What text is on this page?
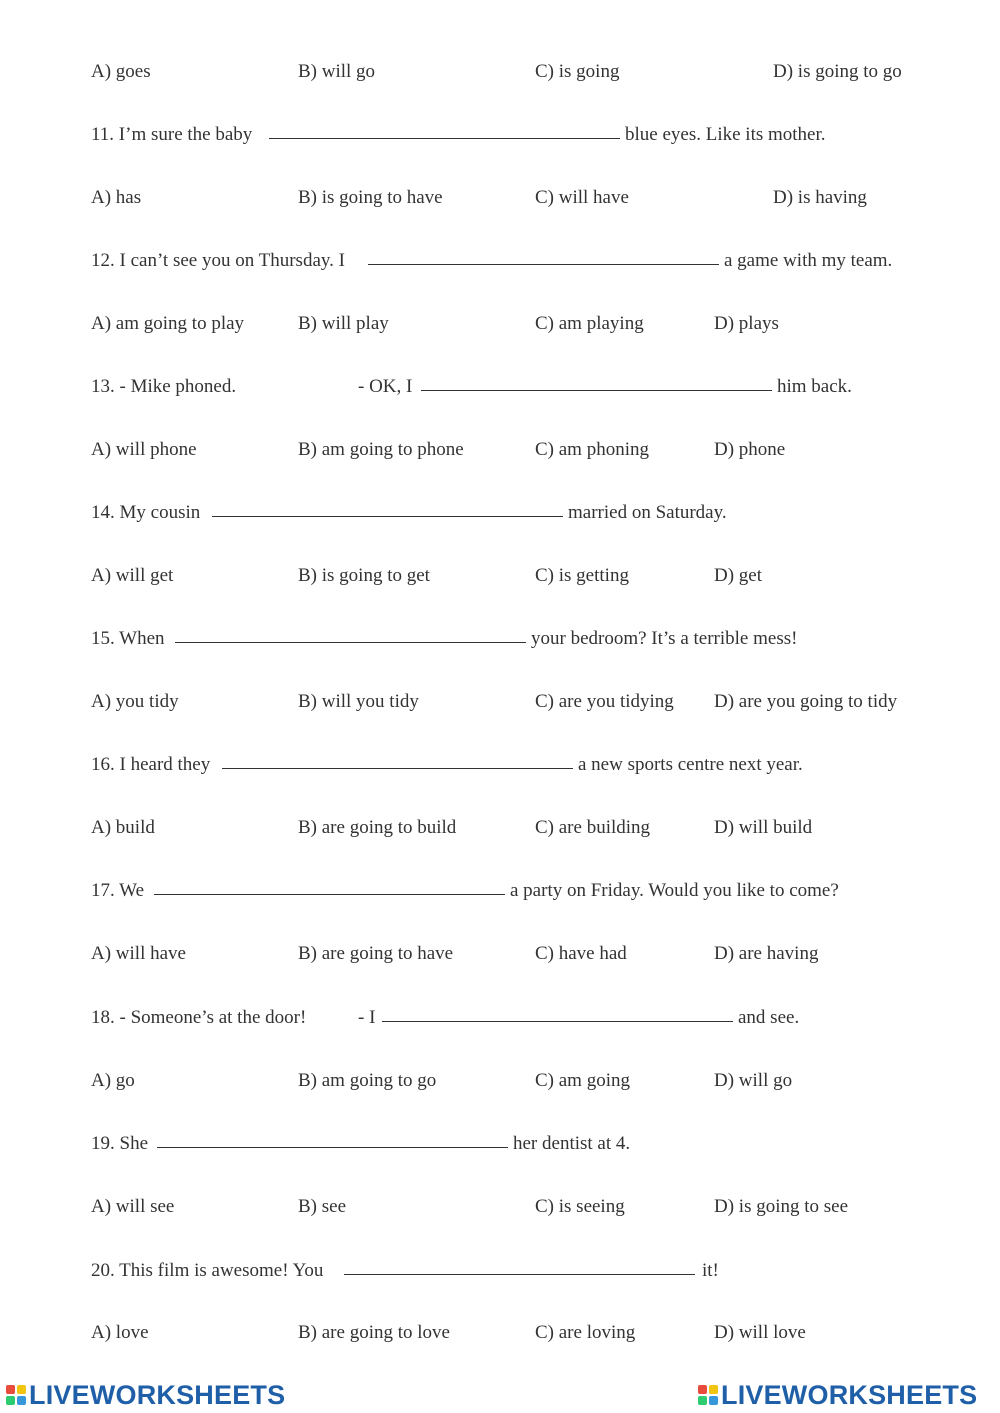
A) goes	B) will go	C) is going	D) is going to go
11. I’m sure the baby	blue eyes. Like its mother.
A) has	B) is going to have	C) will have	D) is having
12. I can’t see you on Thursday. I	a game with my team.
A) am going to play	B) will play	C) am playing	D) plays
13. - Mike phoned.	- OK, I	him back.
A) will phone	B) am going to phone	C) am phoning	D) phone
14. My cousin	married on Saturday.
A) will get	B) is going to get	C) is getting	D) get
15. When	your bedroom? It’s a terrible mess!
A) you tidy	B) will you tidy	C) are you tidying D) are you going to tidy
16. I heard they	a new sports centre next year.
A) build	B) are going to build	C) are building	D) will build
17. We	a party on Friday. Would you like to come?
A) will have	B) are going to have	C) have had	D) are having
18. - Someone’s at the door!	- I	and see.
A) go	B) am going to go	C) am going	D) will go
19. She	her dentist at 4.
A) will see	B) see	C) is seeing	D) is going to see
20. This film is awesome! You	it!
A) love	B) are going to love	C) are loving	D) will love
LIVEWORKSHEETS	LIVEWORKSHEETS
